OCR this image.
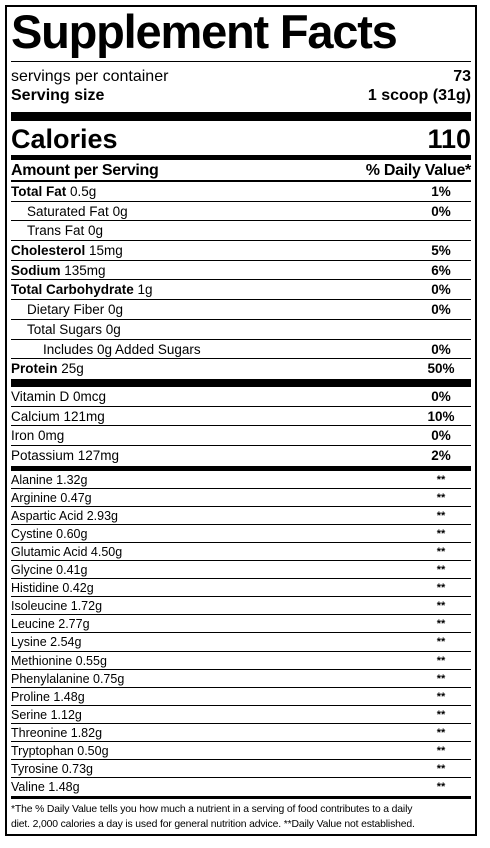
Supplement Facts
servings per container	73
Serving size	1 scoop (31g)
Calories	110
Amount per Serving	% Daily Value*
Total Fat 0.5g	1%
Saturated Fat 0g	0%
Trans Fat 0g
Cholesterol 15mg	5%
Sodium 135mg	6%
Total Carbohydrate 1g	0%
Dietary Fiber 0g	0%
Total Sugars 0g
Includes 0g Added Sugars	0%
Protein 25g	50%
Vitamin D 0mcg	0%
Calcium 121mg	10%
Iron 0mg	0%
Potassium 127mg	2%
Alanine 1.32g	**
Arginine 0.47g	**
Aspartic Acid 2.93g	**
Cystine 0.60g	**
Glutamic Acid 4.50g	**
Glycine 0.41g	**
Histidine 0.42g	**
Isoleucine 1.72g	**
Leucine 2.77g	**
Lysine 2.54g	**
Methionine 0.55g	**
Phenylalanine 0.75g	**
Proline 1.48g	**
Serine 1.12g	**
Threonine 1.82g	**
Tryptophan 0.50g	**
Tyrosine 0.73g	**
Valine 1.48g	**
*The % Daily Value tells you how much a nutrient in a serving of food contributes to a daily
diet. 2,000 calories a day is used for general nutrition advice. **Daily Value not established.
